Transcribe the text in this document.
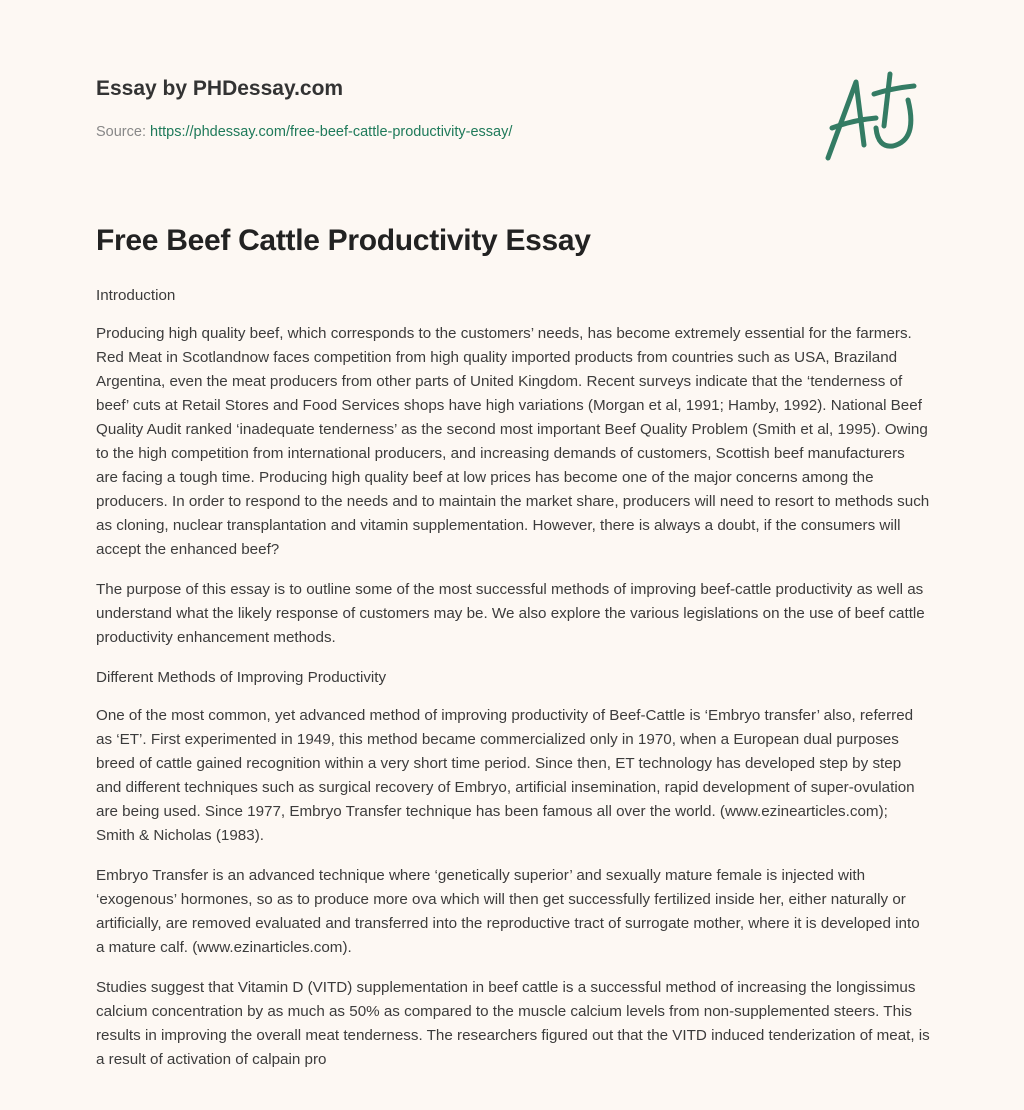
Essay by PHDessay.com
Source: https://phdessay.com/free-beef-cattle-productivity-essay/
Free Beef Cattle Productivity Essay

Introduction

Producing high quality beef, which corresponds to the customers’ needs, has become extremely essential for the farmers. Red Meat in Scotlandnow faces competition from high quality imported products from countries such as USA, Braziland Argentina, even the meat producers from other parts of United Kingdom. Recent surveys indicate that the ‘tenderness of beef’ cuts at Retail Stores and Food Services shops have high variations (Morgan et al, 1991; Hamby, 1992). National Beef Quality Audit ranked ‘inadequate tenderness’ as the second most important Beef Quality Problem (Smith et al, 1995). Owing to the high competition from international producers, and increasing demands of customers, Scottish beef manufacturers are facing a tough time. Producing high quality beef at low prices has become one of the major concerns among the producers. In order to respond to the needs and to maintain the market share, producers will need to resort to methods such as cloning, nuclear transplantation and vitamin supplementation. However, there is always a doubt, if the consumers will accept the enhanced beef?

The purpose of this essay is to outline some of the most successful methods of improving beef-cattle productivity as well as understand what the likely response of customers may be. We also explore the various legislations on the use of beef cattle productivity enhancement methods.

Different Methods of Improving Productivity

One of the most common, yet advanced method of improving productivity of Beef-Cattle is ‘Embryo transfer’ also, referred as ‘ET’. First experimented in 1949, this method became commercialized only in 1970, when a European dual purposes breed of cattle gained recognition within a very short time period. Since then, ET technology has developed step by step and different techniques such as surgical recovery of Embryo, artificial insemination, rapid development of super-ovulation are being used. Since 1977, Embryo Transfer technique has been famous all over the world. (www.ezinearticles.com); Smith & Nicholas (1983).

Embryo Transfer is an advanced technique where ‘genetically superior’ and sexually mature female is injected with ‘exogenous’ hormones, so as to produce more ova which will then get successfully fertilized inside her, either naturally or artificially, are removed evaluated and transferred into the reproductive tract of surrogate mother, where it is developed into a mature calf. (www.ezinarticles.com).

Studies suggest that Vitamin D (VITD) supplementation in beef cattle is a successful method of increasing the longissimus calcium concentration by as much as 50% as compared to the muscle calcium levels from non-supplemented steers. This results in improving the overall meat tenderness. The researchers figured out that the VITD induced tenderization of meat, is a result of activation of calpain pro
